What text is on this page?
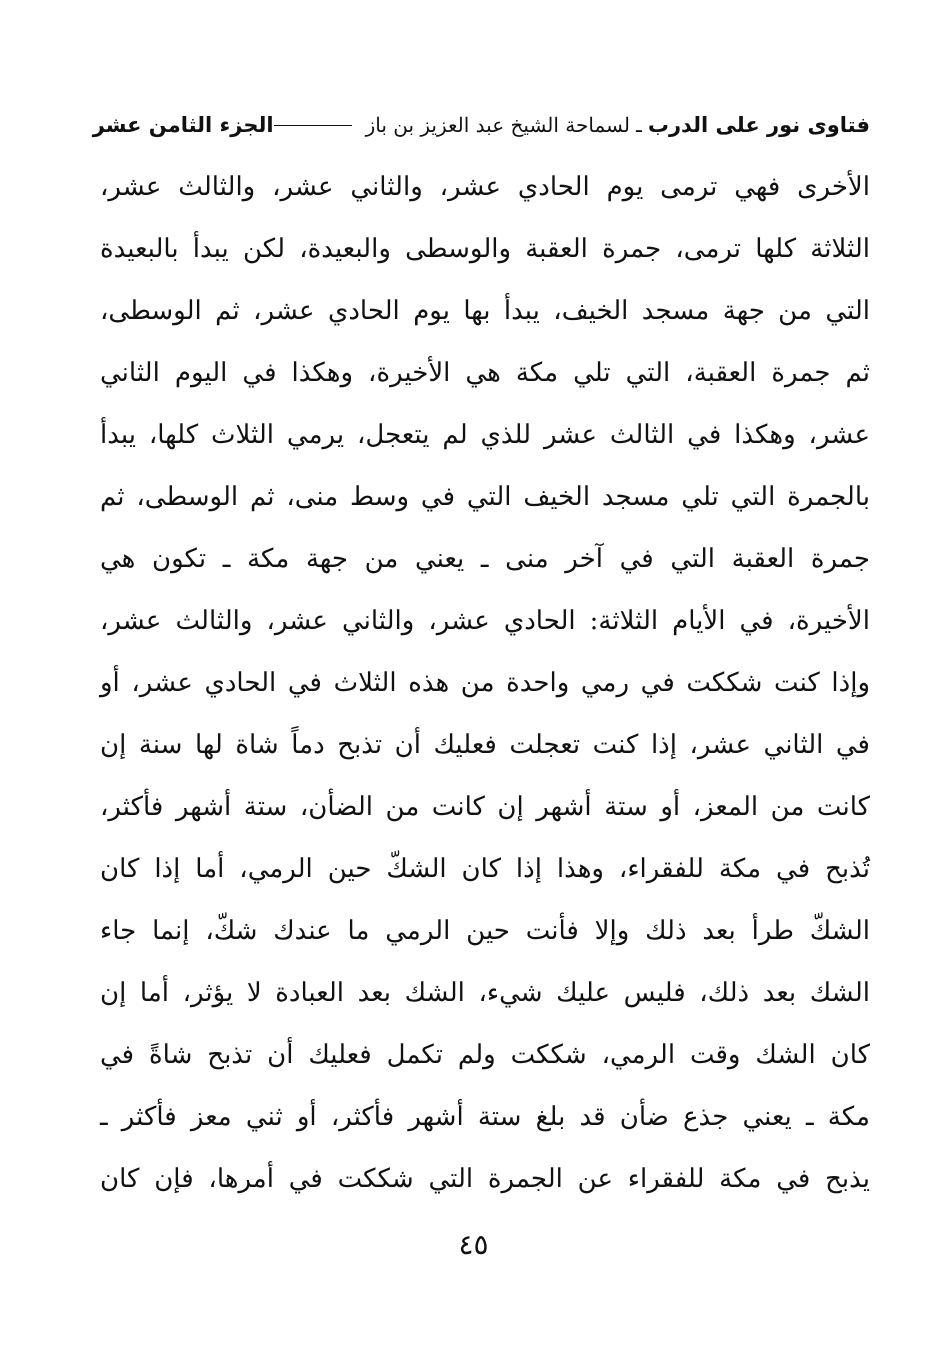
فتاوى نور على الدرب
ـ
لسماحة الشيخ عبد العزيز بن باز
الجزء الثامن عشر
الأخرى فهي ترمى يوم الحادي عشر، والثاني عشر، والثالث عشر،
الثلاثة كلها ترمى، جمرة العقبة والوسطى والبعيدة، لكن يبدأ بالبعيدة
التي من جهة مسجد الخيف، يبدأ بها يوم الحادي عشر، ثم الوسطى،
ثم جمرة العقبة، التي تلي مكة هي الأخيرة، وهكذا في اليوم الثاني
عشر، وهكذا في الثالث عشر للذي لم يتعجل، يرمي الثلاث كلها، يبدأ
بالجمرة التي تلي مسجد الخيف التي في وسط منى، ثم الوسطى، ثم
جمرة العقبة التي في آخر منى ـ يعني من جهة مكة ـ تكون هي
الأخيرة، في الأيام الثلاثة: الحادي عشر، والثاني عشر، والثالث عشر،
وإذا كنت شككت في رمي واحدة من هذه الثلاث في الحادي عشر، أو
في الثاني عشر، إذا كنت تعجلت فعليك أن تذبح دماً شاة لها سنة إن
كانت من المعز، أو ستة أشهر إن كانت من الضأن، ستة أشهر فأكثر،
تُذبح في مكة للفقراء، وهذا إذا كان الشكّ حين الرمي، أما إذا كان
الشكّ طرأ بعد ذلك وإلا فأنت حين الرمي ما عندك شكّ، إنما جاء
الشك بعد ذلك، فليس عليك شيء، الشك بعد العبادة لا يؤثر، أما إن
كان الشك وقت الرمي، شككت ولم تكمل فعليك أن تذبح شاةً في
مكة ـ يعني جذع ضأن قد بلغ ستة أشهر فأكثر، أو ثني معز فأكثر ـ
يذبح في مكة للفقراء عن الجمرة التي شككت في أمرها، فإن كان
٤٥
